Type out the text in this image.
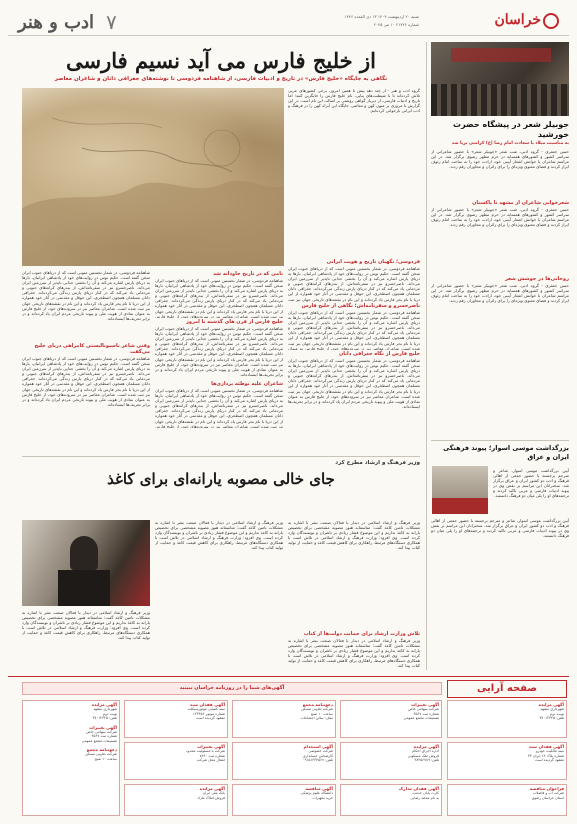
خراسان
شنبه ۲۰ اردیبهشت ۱۴۰۴ ۱۳ ذی القعده ۱۴۴۶
شماره ۲۱۷۴۶ ۱۰ می ۲۰۲۵
ادب و هنر ۷
جوبیلر شعر در پیشگاه حضرت خورشید
به مناسبت میلاد با سعادت امام رضا (ع) کرامتی برپا شد
حسن جعفری - گروه ادبی، شب شعر «جوبیلر شعر» با حضور شاعرانی از سراسر کشور و کشورهای همسایه در حرم مطهر رضوی برگزار شد. در این مراسم شاعران با خوانش اشعار آیینی خود، ارادت خود را به ساحت امام رئوف ابراز کردند و فضای معنوی ویژه‌ای را برای زائران و مجاوران رقم زدند.
شعرخوانی شاعران از مشهد تا پاکستان
حسن جعفری - گروه ادبی، شب شعر «جوبیلر شعر» با حضور شاعرانی از سراسر کشور و کشورهای همسایه در حرم مطهر رضوی برگزار شد. در این مراسم شاعران با خوانش اشعار آیینی خود، ارادت خود را به ساحت امام رئوف ابراز کردند و فضای معنوی ویژه‌ای را برای زائران و مجاوران رقم زدند.
روحانی‌ها در جوشش شعر
حسن جعفری - گروه ادبی، شب شعر «جوبیلر شعر» با حضور شاعرانی از سراسر کشور و کشورهای همسایه در حرم مطهر رضوی برگزار شد. در این مراسم شاعران با خوانش اشعار آیینی خود، ارادت خود را به ساحت امام رئوف ابراز کردند و فضای معنوی ویژه‌ای را برای زائران و مجاوران رقم زدند.
بزرگداشت موسی اسوار؛ پیوند فرهنگی ایران و عراق
آیین بزرگداشت موسی اسوار، شاعر و مترجم برجسته با حضور جمعی از اهالی فرهنگ و ادب دو کشور ایران و عراق برگزار شد. سخنرانان این مراسم بر نقش وی در پیوند ادبیات فارسی و عربی تاکید کردند و ترجمه‌های او را پلی میان دو فرهنگ دانستند.
آیین بزرگداشت موسی اسوار، شاعر و مترجم برجسته با حضور جمعی از اهالی فرهنگ و ادب دو کشور ایران و عراق برگزار شد. سخنرانان این مراسم بر نقش وی در پیوند ادبیات فارسی و عربی تاکید کردند و ترجمه‌های او را پلی میان دو فرهنگ دانستند.
از خلیج فارس می آید نسیم فارسی
نگاهی به جایگاه «خلیج فارس» در تاریخ و ادبیات فارسی، از شاهنامه فردوسی تا نوشته‌های جغرافی دانان و شاعران معاصر
گروه ادب و هنر - از چند دهه پیش تا همین امروز، برخی کشورهای عربی تلاش کرده‌اند تا با شیطنت‌های پیاپی، نام خلیج فارس را جایگزین کنند؛ اما تاریخ و ادبیات فارسی، از دیرباز گواهی روشنی بر اصالت این نام است. در این گزارش با مروری بر متون کهن و معاصر، جایگاه این آبراه کهن را در فرهنگ و ادب ایرانی بازخوانی کرده‌ایم.
فردوسی؛ نگهبان تاریخ و هویت ایرانی
شاهنامه فردوسی، در شمار نخستین متونی است که از دریاهای جنوب ایران سخن گفته است. حکیم توس در روایت‌های خود از پادشاهی ایرانیان، بارها به دریای پارس اشاره می‌کند و آن را بخشی جدایی ناپذیر از سرزمین ایران می‌داند. ناصرخسرو نیز در سفرنامه‌اش، از بندرهای کرانه‌های جنوبی و مردمانی یاد می‌کند که در کنار دریای پارس زندگی می‌کرده‌اند. جغرافی دانان مسلمان همچون اصطخری، ابن حوقل و مقدسی در آثار خود همواره از این دریا با نام بحر فارس یاد کرده‌اند و این نام در نقشه‌های تاریخی جهان نیز ثبت
ناصرخسرو و سفرنامه‌اش؛ نگاهی از خلیج فارس
شاهنامه فردوسی، در شمار نخستین متونی است که از دریاهای جنوب ایران سخن گفته است. حکیم توس در روایت‌های خود از پادشاهی ایرانیان، بارها به دریای پارس اشاره می‌کند و آن را بخشی جدایی ناپذیر از سرزمین ایران می‌داند. ناصرخسرو نیز در سفرنامه‌اش، از بندرهای کرانه‌های جنوبی و مردمانی یاد می‌کند که در کنار دریای پارس زندگی می‌کرده‌اند. جغرافی دانان مسلمان همچون اصطخری، ابن حوقل و مقدسی در آثار خود همواره از این دریا با نام بحر فارس یاد کرده‌اند و این نام در نقشه‌های تاریخی جهان نیز ثبت شده است. شاعران معاصر نیز در سروده‌های خود، از خلیج فارس به عنوان
خلیج فارس از نگاه جغرافی دانان
شاهنامه فردوسی، در شمار نخستین متونی است که از دریاهای جنوب ایران سخن گفته است. حکیم توس در روایت‌های خود از پادشاهی ایرانیان، بارها به دریای پارس اشاره می‌کند و آن را بخشی جدایی ناپذیر از سرزمین ایران می‌داند. ناصرخسرو نیز در سفرنامه‌اش، از بندرهای کرانه‌های جنوبی و مردمانی یاد می‌کند که در کنار دریای پارس زندگی می‌کرده‌اند. جغرافی دانان مسلمان همچون اصطخری، ابن حوقل و مقدسی در آثار خود همواره از این دریا با نام بحر فارس یاد کرده‌اند و این نام در نقشه‌های تاریخی جهان نیز ثبت شده است. شاعران معاصر نیز در سروده‌های خود، از خلیج فارس به عنوان نمادی از هویت ملی و پیوند تاریخی مردم ایران یاد کرده‌اند و در برابر تحریف‌ها ایستاده‌اند.
نامی که در تاریخ جاودانه شد
شاهنامه فردوسی، در شمار نخستین متونی است که از دریاهای جنوب ایران سخن گفته است. حکیم توس در روایت‌های خود از پادشاهی ایرانیان، بارها به دریای پارس اشاره می‌کند و آن را بخشی جدایی ناپذیر از سرزمین ایران می‌داند. ناصرخسرو نیز در سفرنامه‌اش، از بندرهای کرانه‌های جنوبی و مردمانی یاد می‌کند که در کنار دریای پارس زندگی می‌کرده‌اند. جغرافی دانان مسلمان همچون اصطخری، ابن حوقل و مقدسی در آثار خود همواره از این دریا با نام بحر فارس یاد کرده‌اند و این نام در نقشه‌های تاریخی جهان نیز ثبت شده است. شاعران معاصر نیز در سروده‌های خود، از خلیج فارس
خلیج فارس از قرن های گذشته تا امروز
شاهنامه فردوسی، در شمار نخستین متونی است که از دریاهای جنوب ایران سخن گفته است. حکیم توس در روایت‌های خود از پادشاهی ایرانیان، بارها به دریای پارس اشاره می‌کند و آن را بخشی جدایی ناپذیر از سرزمین ایران می‌داند. ناصرخسرو نیز در سفرنامه‌اش، از بندرهای کرانه‌های جنوبی و مردمانی یاد می‌کند که در کنار دریای پارس زندگی می‌کرده‌اند. جغرافی دانان مسلمان همچون اصطخری، ابن حوقل و مقدسی در آثار خود همواره از این دریا با نام بحر فارس یاد کرده‌اند و این نام در نقشه‌های تاریخی جهان نیز ثبت شده است. شاعران معاصر نیز در سروده‌های خود، از خلیج فارس به عنوان نمادی از هویت ملی و پیوند تاریخی مردم ایران یاد کرده‌اند و در برابر تحریف‌ها ایستاده‌اند.
شاعران علیه توطئه پردازی‌ها
شاهنامه فردوسی، در شمار نخستین متونی است که از دریاهای جنوب ایران سخن گفته است. حکیم توس در روایت‌های خود از پادشاهی ایرانیان، بارها به دریای پارس اشاره می‌کند و آن را بخشی جدایی ناپذیر از سرزمین ایران می‌داند. ناصرخسرو نیز در سفرنامه‌اش، از بندرهای کرانه‌های جنوبی و مردمانی یاد می‌کند که در کنار دریای پارس زندگی می‌کرده‌اند. جغرافی دانان مسلمان همچون اصطخری، ابن حوقل و مقدسی در آثار خود همواره از این دریا با نام بحر فارس یاد کرده‌اند و این نام در نقشه‌های تاریخی جهان نیز ثبت شده است. شاعران معاصر نیز در سروده‌های خود، از خلیج فارس
شاهنامه فردوسی، در شمار نخستین متونی است که از دریاهای جنوب ایران سخن گفته است. حکیم توس در روایت‌های خود از پادشاهی ایرانیان، بارها به دریای پارس اشاره می‌کند و آن را بخشی جدایی ناپذیر از سرزمین ایران می‌داند. ناصرخسرو نیز در سفرنامه‌اش، از بندرهای کرانه‌های جنوبی و مردمانی یاد می‌کند که در کنار دریای پارس زندگی می‌کرده‌اند. جغرافی دانان مسلمان همچون اصطخری، ابن حوقل و مقدسی در آثار خود همواره از این دریا با نام بحر فارس یاد کرده‌اند و این نام در نقشه‌های تاریخی جهان نیز ثبت شده است. شاعران معاصر نیز در سروده‌های خود، از خلیج فارس به عنوان نمادی از هویت ملی و پیوند تاریخی مردم ایران یاد کرده‌اند و در برابر تحریف‌ها ایستاده‌اند.
وقتی شاعر ناسیونالیستی کامراهی دریای خلیج می‌گفت
شاهنامه فردوسی، در شمار نخستین متونی است که از دریاهای جنوب ایران سخن گفته است. حکیم توس در روایت‌های خود از پادشاهی ایرانیان، بارها به دریای پارس اشاره می‌کند و آن را بخشی جدایی ناپذیر از سرزمین ایران می‌داند. ناصرخسرو نیز در سفرنامه‌اش، از بندرهای کرانه‌های جنوبی و مردمانی یاد می‌کند که در کنار دریای پارس زندگی می‌کرده‌اند. جغرافی دانان مسلمان همچون اصطخری، ابن حوقل و مقدسی در آثار خود همواره از این دریا با نام بحر فارس یاد کرده‌اند و این نام در نقشه‌های تاریخی جهان نیز ثبت شده است. شاعران معاصر نیز در سروده‌های خود، از خلیج فارس به عنوان نمادی از هویت ملی و پیوند تاریخی مردم ایران یاد کرده‌اند و در برابر تحریف‌ها ایستاده‌اند.
وزیر فرهنگ و ارشاد مطرح کرد
جای خالی مصوبه یارانه‌ای برای کاغذ
وزیر فرهنگ و ارشاد اسلامی در دیدار با فعالان صنعت نشر با اشاره به مشکلات تامین کاغذ گفت: متاسفانه هنوز مصوبه مشخصی برای تخصیص یارانه به کاغذ نداریم و این موضوع فشار زیادی بر ناشران و نویسندگان وارد کرده است. وی افزود: وزارت فرهنگ و ارشاد اسلامی در تلاش است با همکاری دستگاه‌های مرتبط، راهکاری برای کاهش قیمت کاغذ و حمایت از تولید کتاب پیدا کند.
وزیر فرهنگ و ارشاد اسلامی در دیدار با فعالان صنعت نشر با اشاره به مشکلات تامین کاغذ گفت: متاسفانه هنوز مصوبه مشخصی برای تخصیص یارانه به کاغذ نداریم و این موضوع فشار زیادی بر ناشران و نویسندگان وارد کرده است. وی افزود: وزارت فرهنگ و ارشاد اسلامی در تلاش است با همکاری دستگاه‌های مرتبط، راهکاری برای کاهش قیمت کاغذ و حمایت از تولید کتاب پیدا کند.
وزیر فرهنگ و ارشاد اسلامی در دیدار با فعالان صنعت نشر با اشاره به مشکلات تامین کاغذ گفت: متاسفانه هنوز مصوبه مشخصی برای تخصیص یارانه به کاغذ نداریم و این موضوع فشار زیادی بر ناشران و نویسندگان وارد کرده است. وی افزود: وزارت فرهنگ و ارشاد اسلامی در تلاش است با همکاری دستگاه‌های مرتبط، راهکاری برای کاهش قیمت کاغذ و حمایت از تولید کتاب پیدا کند.
تلاش وزارت ارشاد برای حمایت دولت‌ها از کتاب
وزیر فرهنگ و ارشاد اسلامی در دیدار با فعالان صنعت نشر با اشاره به مشکلات تامین کاغذ گفت: متاسفانه هنوز مصوبه مشخصی برای تخصیص یارانه به کاغذ نداریم و این موضوع فشار زیادی بر ناشران و نویسندگان وارد کرده است. وی افزود: وزارت فرهنگ و ارشاد اسلامی در تلاش است با همکاری دستگاه‌های مرتبط، راهکاری برای کاهش قیمت کاغذ و حمایت از تولید کتاب پیدا کند.
صفحه آرایی
آگهی‌های شما را در روزنامه خراسان ببینید
آگهی مزایده
شهرداری مشهد
نوبت دوم
تلفن: ۳۷۰۱۲۳۴۵
آگهی فقدان سند
سند مالکیت خودرو
شماره پلاک ۱۲ ایران ۳۴
مفقود گردیده است
فراخوان مناقصه
شرکت آب و فاضلاب
استان خراسان رضوی
آگهی تغییرات
شرکت سهامی خاص
شماره ثبت ۴۵۶۷
تصمیمات مجمع عمومی
آگهی مزایده
اداره اجرای احکام
فروش ملک مسکونی
تلفن: ۳۸۴۵۶۷۸۹
آگهی فقدان مدارک
کارت پایان خدمت
به نام محمد رضایی
دعوتنامه مجمع
شرکت تعاونی مسکن
ساعت ۱۰ صبح
محل: سالن اجتماعات
آگهی استخدام
شرکت خصوصی
کارشناس حسابداری
تلفن: ۰۹۱۵۱۲۳۴۵۶۷
آگهی مناقصه
دانشگاه علوم پزشکی
خرید تجهیزات
آگهی فقدان سند
سند کمپانی موتورسیکلت
شماره موتور ۱۲۳۴۵۶
مفقود گردیده است
آگهی تغییرات
شرکت با مسئولیت محدود
شماره ثبت ۷۸۹۰
انتقال محل شرکت
آگهی مزایده
بانک ملی ایران
فروش املاک مازاد
آگهی مزایده
شهرداری مشهد
نوبت دوم
تلفن: ۳۷۰۱۲۳۴۵
آگهی تغییرات
شرکت سهامی خاص
شماره ثبت ۴۵۶۷
تصمیمات مجمع عمومی
دعوتنامه مجمع
شرکت تعاونی مسکن
ساعت ۱۰ صبح
